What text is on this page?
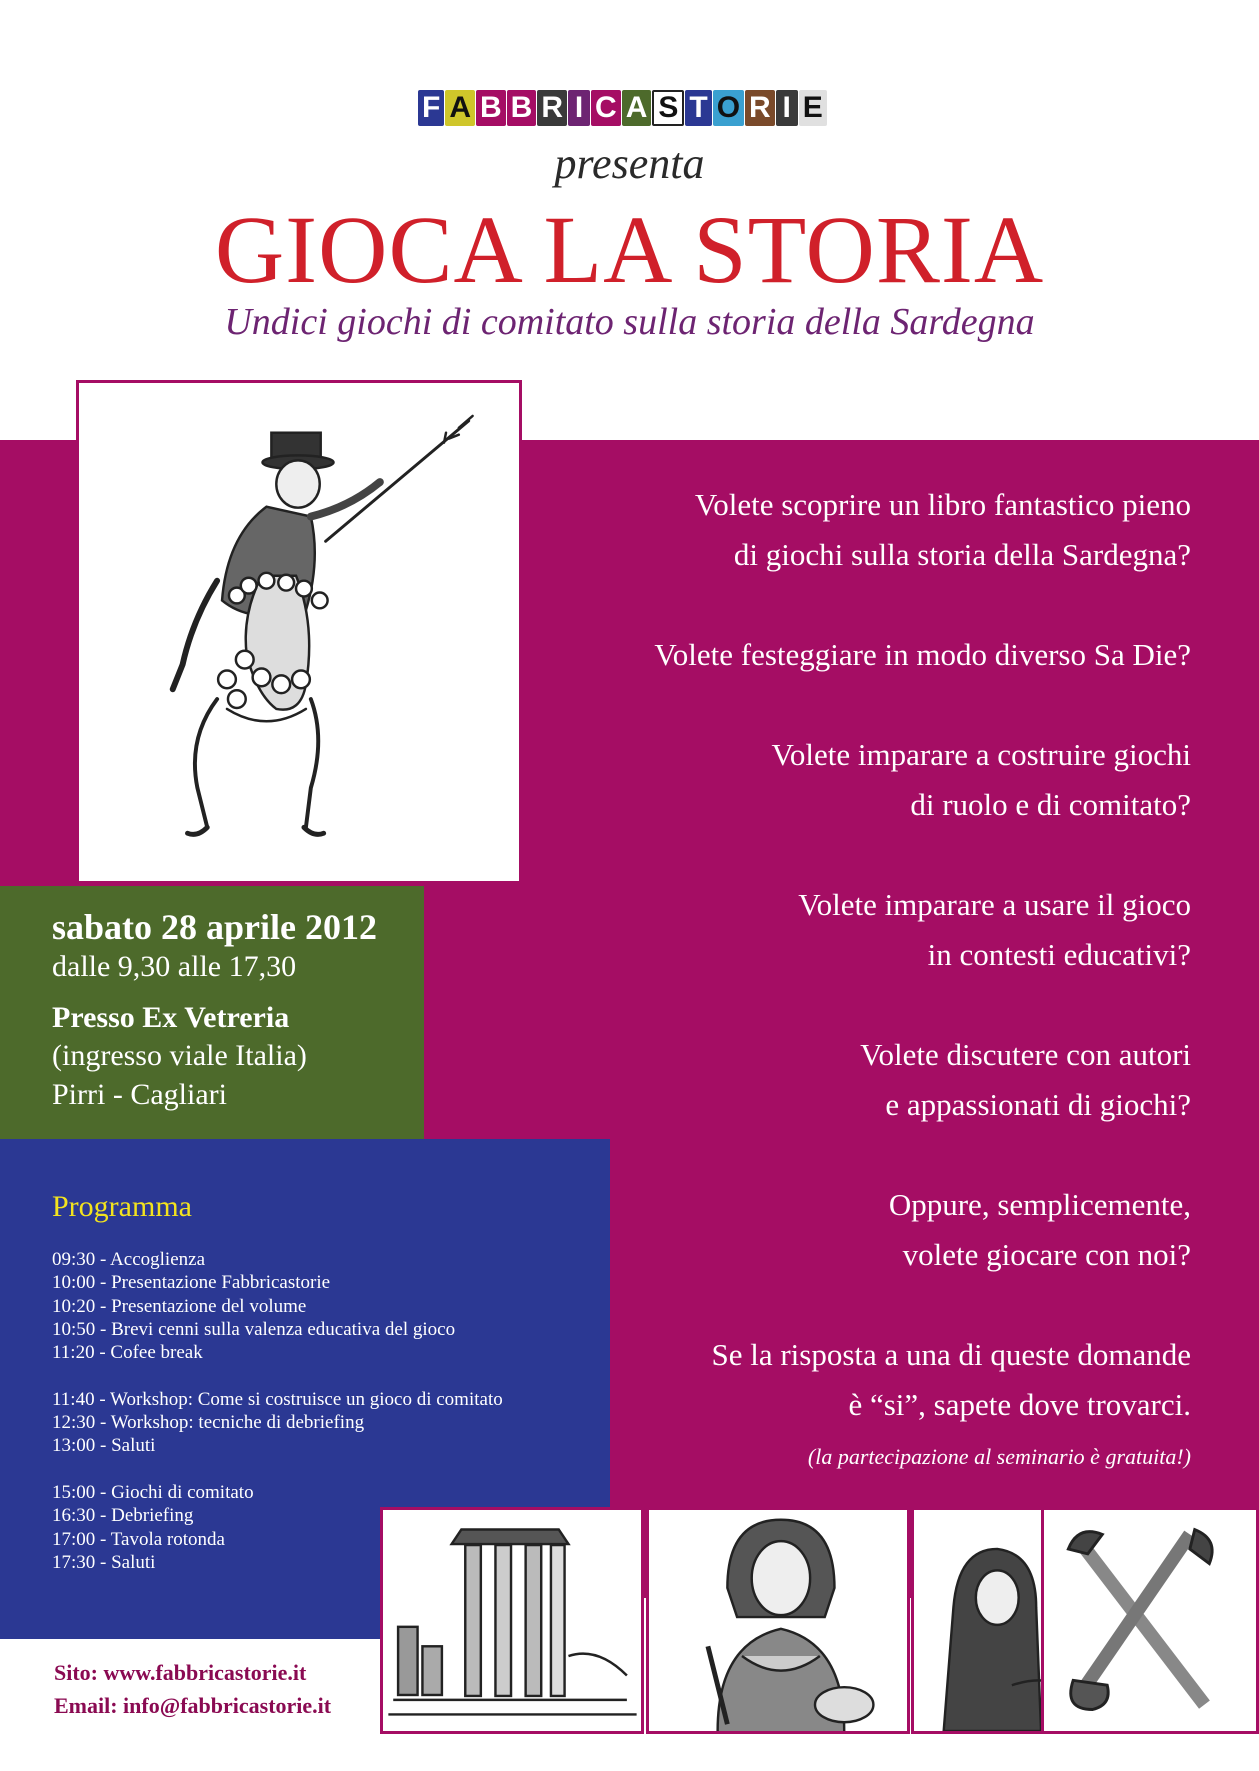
F A B B R I C A S T O R I E
presenta
GIOCA LA STORIA
Undici giochi di comitato sulla storia della Sardegna
sabato 28 aprile 2012
dalle 9,30 alle 17,30
Presso Ex Vetreria
(ingresso viale Italia)
Pirri - Cagliari
Programma
09:30 - Accoglienza
10:00 - Presentazione Fabbricastorie
10:20 - Presentazione del volume
10:50 - Brevi cenni sulla valenza educativa del gioco
11:20 - Cofee break
11:40 - Workshop: Come si costruisce un gioco di comitato
12:30 - Workshop: tecniche di debriefing
13:00 - Saluti
15:00 - Giochi di comitato
16:30 - Debriefing
17:00 - Tavola rotonda
17:30 - Saluti
Volete scoprire un libro fantastico pieno
di giochi sulla storia della Sardegna?
Volete festeggiare in modo diverso Sa Die?
Volete imparare a costruire giochi
di ruolo e di comitato?
Volete imparare a usare il gioco
in contesti educativi?
Volete discutere con autori
e appassionati di giochi?
Oppure, semplicemente,
volete giocare con noi?
Se la risposta a una di queste domande
è “si”, sapete dove trovarci.
(la partecipazione al seminario è gratuita!)
Sito: www.fabbricastorie.it
Email: info@fabbricastorie.it
